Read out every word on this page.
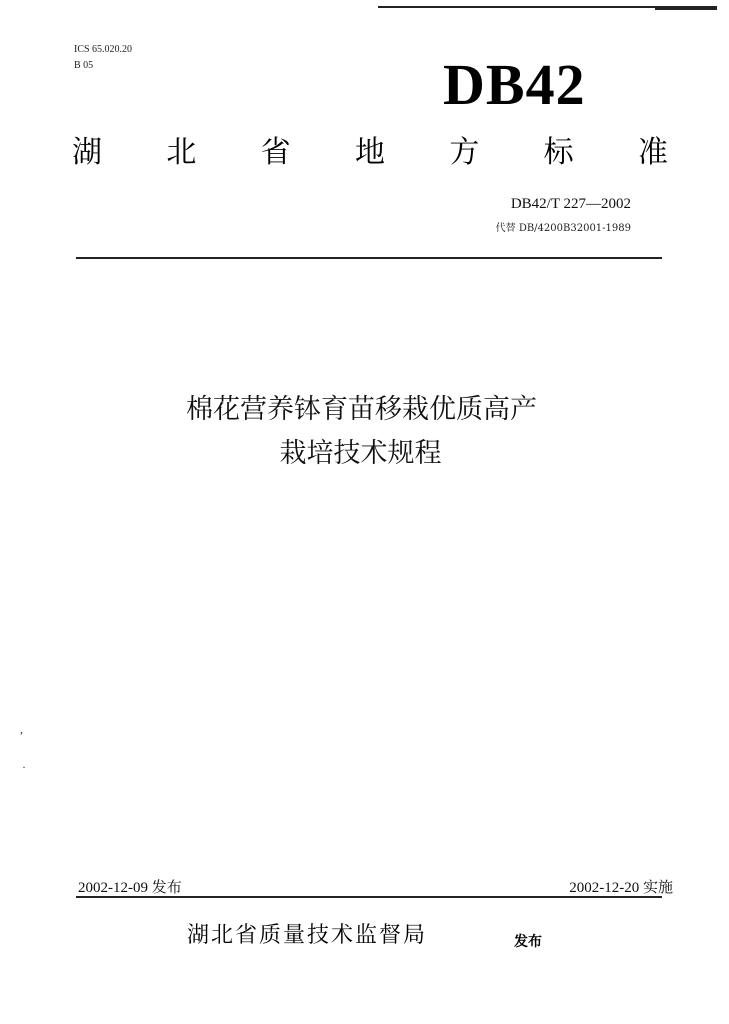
ICS 65.020.20
B 05	DB42
湖 北 省 地 方 标 准
DB42/T 227—2002
代替 DB/4200B32001-1989
棉花营养钵育苗移栽优质高产
栽培技术规程
,
·
2002-12-09 发布	2002-12-20 实施
湖北省质量技术监督局	发布
